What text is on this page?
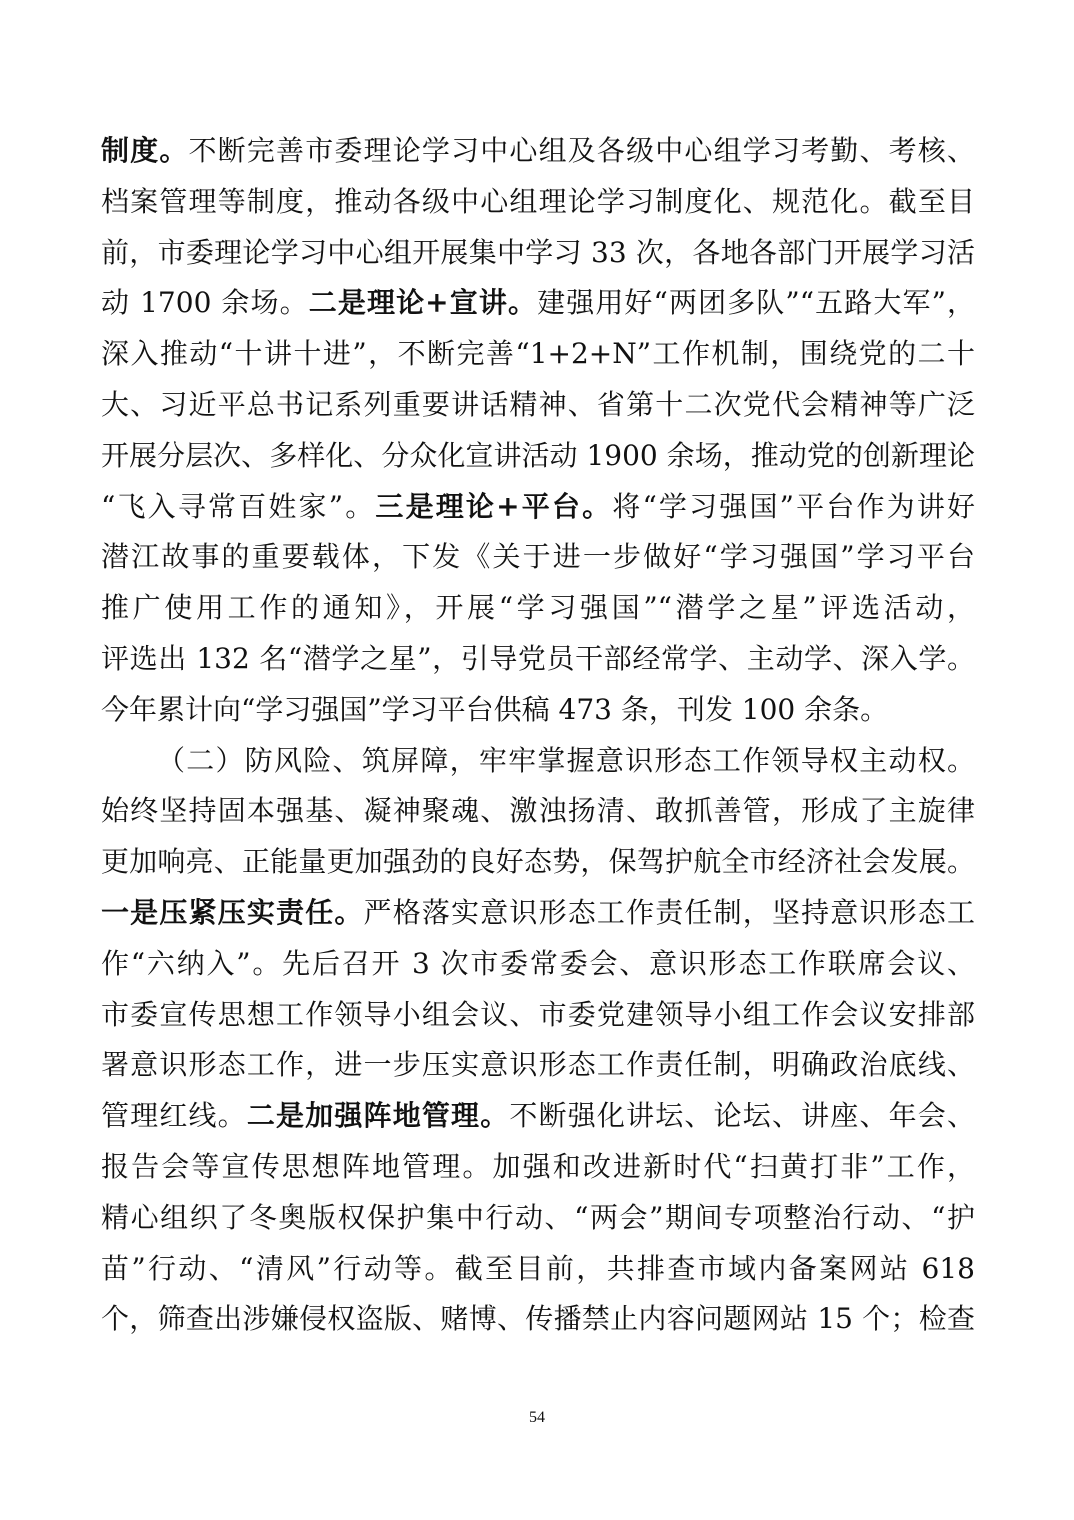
制度。不断完善市委理论学习中心组及各级中心组学习考勤、考核、
档案管理等制度，推动各级中心组理论学习制度化、规范化。截至目
前，市委理论学习中心组开展集中学习 33 次，各地各部门开展学习活
动 1700 余场。二是理论+宣讲。建强用好“两团多队”“五路大军”，
深入推动“十讲十进”，不断完善“1+2+N”工作机制，围绕党的二十
大、习近平总书记系列重要讲话精神、省第十二次党代会精神等广泛
开展分层次、多样化、分众化宣讲活动 1900 余场，推动党的创新理论
“飞入寻常百姓家”。三是理论+平台。将“学习强国”平台作为讲好
潜江故事的重要载体，下发《关于进一步做好“学习强国”学习平台
推广使用工作的通知》，开展“学习强国”“潜学之星”评选活动，
评选出 132 名“潜学之星”，引导党员干部经常学、主动学、深入学。
今年累计向“学习强国”学习平台供稿 473 条，刊发 100 余条。
（二）防风险、筑屏障，牢牢掌握意识形态工作领导权主动权。
始终坚持固本强基、凝神聚魂、激浊扬清、敢抓善管，形成了主旋律
更加响亮、正能量更加强劲的良好态势，保驾护航全市经济社会发展。
一是压紧压实责任。严格落实意识形态工作责任制，坚持意识形态工
作“六纳入”。先后召开 3 次市委常委会、意识形态工作联席会议、
市委宣传思想工作领导小组会议、市委党建领导小组工作会议安排部
署意识形态工作，进一步压实意识形态工作责任制，明确政治底线、
管理红线。二是加强阵地管理。不断强化讲坛、论坛、讲座、年会、
报告会等宣传思想阵地管理。加强和改进新时代“扫黄打非”工作，
精心组织了冬奥版权保护集中行动、“两会”期间专项整治行动、“护
苗”行动、“清风”行动等。截至目前，共排查市域内备案网站 618
个，筛查出涉嫌侵权盗版、赌博、传播禁止内容问题网站 15 个；检查
54
